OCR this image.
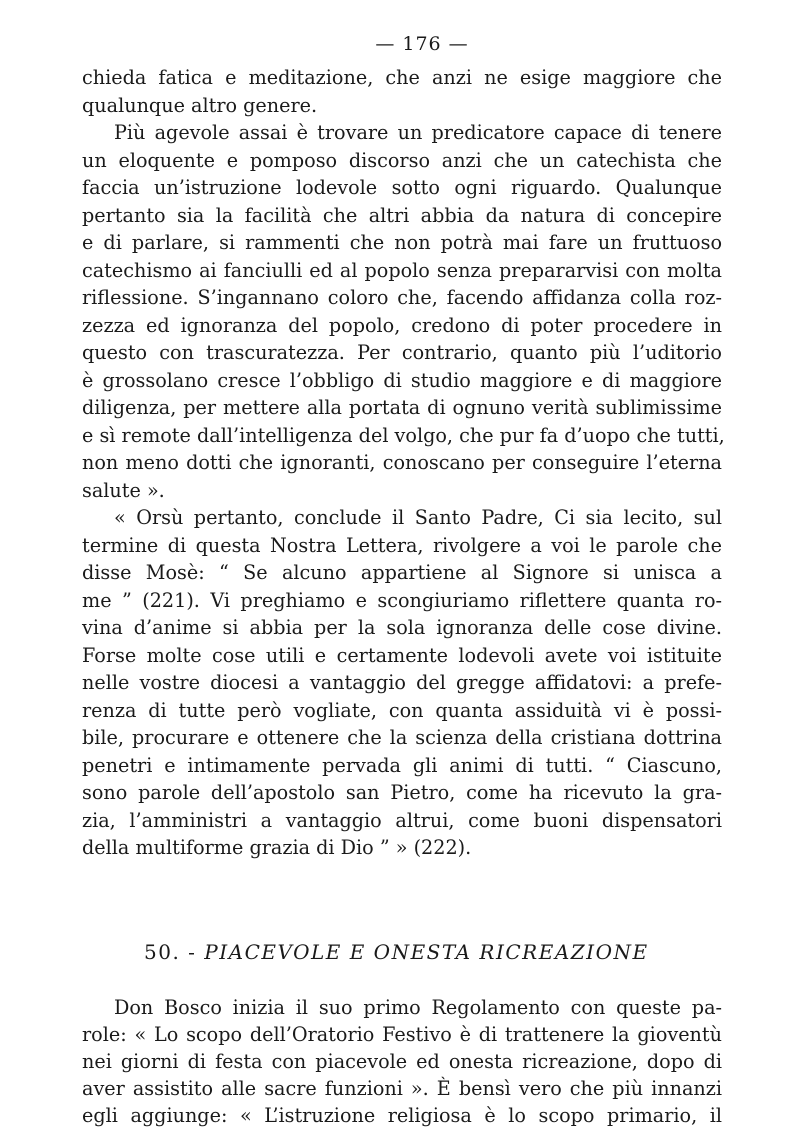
— 176 —

chieda fatica e meditazione, che anzi ne esige maggiore che
qualunque altro genere.

Più agevole assai è trovare un predicatore capace di tenere
un eloquente e pomposo discorso anzi che un catechista che
faccia un’istruzione lodevole sotto ogni riguardo. Qualunque
pertanto sia la facilità che altri abbia da natura di concepire
e di parlare, si rammenti che non potrà mai fare un fruttuoso
catechismo ai fanciulli ed al popolo senza prepararvisi con molta
riflessione. S’ingannano coloro che, facendo affidanza colla roz-
zezza ed ignoranza del popolo, credono di poter procedere in
questo con trascuratezza. Per contrario, quanto più l’uditorio
è grossolano cresce l’obbligo di studio maggiore e di maggiore
diligenza, per mettere alla portata di ognuno verità sublimissime
e sì remote dall’intelligenza del volgo, che pur fa d’uopo che tutti,
non meno dotti che ignoranti, conoscano per conseguire l’eterna
salute ».

« Orsù pertanto, conclude il Santo Padre, Ci sia lecito, sul
termine di questa Nostra Lettera, rivolgere a voi le parole che
disse Mosè: “ Se alcuno appartiene al Signore si unisca a
me ” (221). Vi preghiamo e scongiuriamo riflettere quanta ro-
vina d’anime si abbia per la sola ignoranza delle cose divine.
Forse molte cose utili e certamente lodevoli avete voi istituite
nelle vostre diocesi a vantaggio del gregge affidatovi: a prefe-
renza di tutte però vogliate, con quanta assiduità vi è possi-
bile, procurare e ottenere che la scienza della cristiana dottrina
penetri e intimamente pervada gli animi di tutti. “ Ciascuno,
sono parole dell’apostolo san Pietro, come ha ricevuto la gra-
zia, l’amministri a vantaggio altrui, come buoni dispensatori
della multiforme grazia di Dio ” » (222).

50. - PIACEVOLE E ONESTA RICREAZIONE

Don Bosco inizia il suo primo Regolamento con queste pa-
role: « Lo scopo dell’Oratorio Festivo è di trattenere la gioventù
nei giorni di festa con piacevole ed onesta ricreazione, dopo di
aver assistito alle sacre funzioni ». È bensì vero che più innanzi
egli aggiunge: « L’istruzione religiosa è lo scopo primario, il
